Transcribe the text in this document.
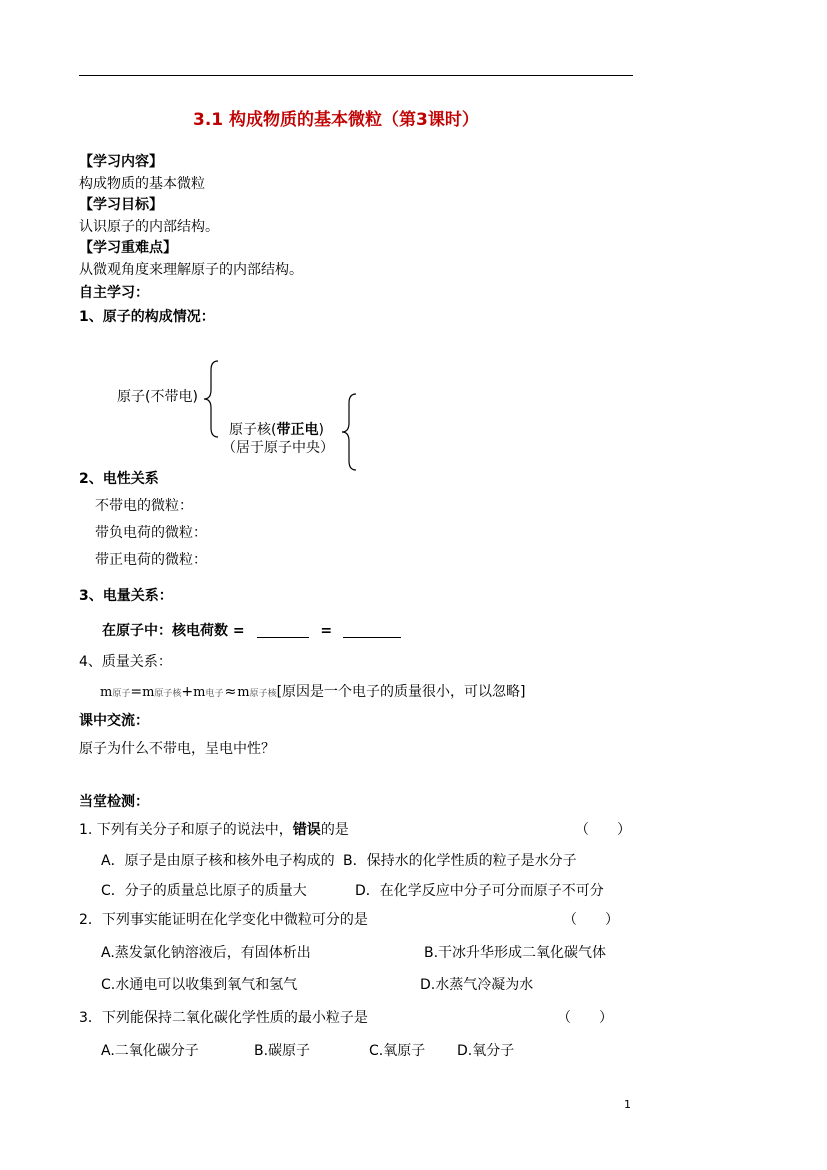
3.1 构成物质的基本微粒（第3课时）
【学习内容】
构成物质的基本微粒
【学习目标】
认识原子的内部结构。
【学习重难点】
从微观角度来理解原子的内部结构。
自主学习：
1、原子的构成情况：
原子(不带电)
原子核(带正电)
（居于原子中央）
2、电性关系
不带电的微粒：
带负电荷的微粒：
带正电荷的微粒：
3、电量关系：
在原子中：核电荷数 =	=
4、质量关系：
m原子=m原子核+m电子≈m原子核[原因是一个电子的质量很小，可以忽略]
课中交流：
原子为什么不带电，呈电中性？
当堂检测：
1. 下列有关分子和原子的说法中，错误的是	（　　）
A．原子是由原子核和核外电子构成的 B．保持水的化学性质的粒子是水分子
C．分子的质量总比原子的质量大	D．在化学反应中分子可分而原子不可分
2．下列事实能证明在化学变化中微粒可分的是	（　　）
A.蒸发氯化钠溶液后，有固体析出	B.干冰升华形成二氧化碳气体
C.水通电可以收集到氧气和氢气	D.水蒸气冷凝为水
3．下列能保持二氧化碳化学性质的最小粒子是	（　　）
A.二氧化碳分子	B.碳原子	C.氧原子 D.氧分子
1
